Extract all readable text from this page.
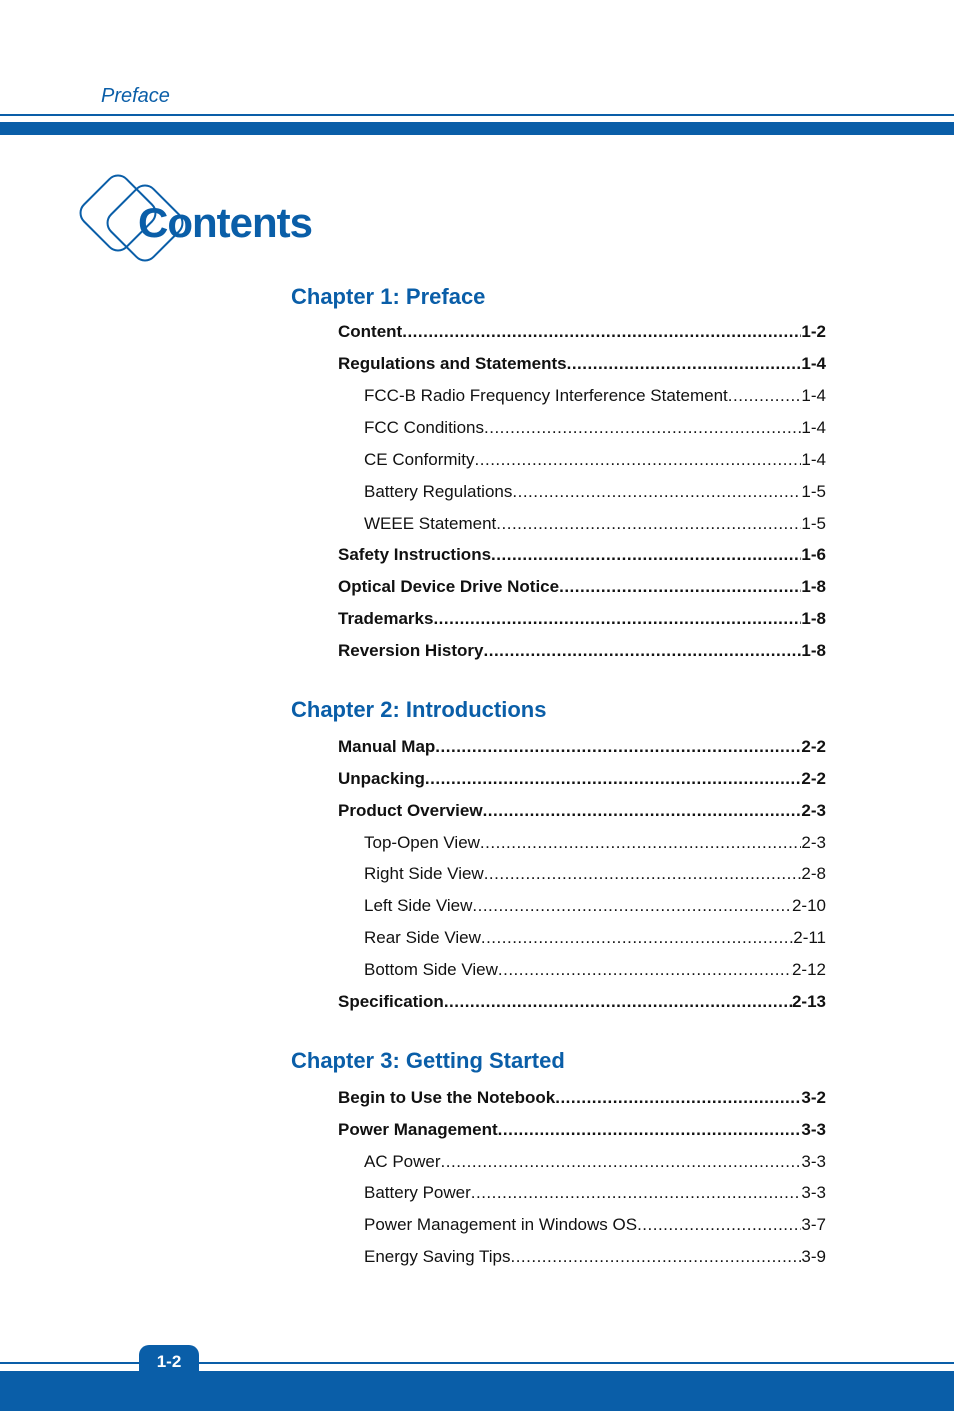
Preface
Contents
Chapter 1: Preface
Content .....	1-2
Regulations and Statements .....	1-4
FCC-B Radio Frequency Interference Statement .....	1-4
FCC Conditions .....	1-4
CE Conformity .....	1-4
Battery Regulations .....	1-5
WEEE Statement .....	1-5
Safety Instructions .....	1-6
Optical Device Drive Notice .....	1-8
Trademarks .....	1-8
Reversion History .....	1-8
Chapter 2: Introductions
Manual Map .....	2-2
Unpacking .....	2-2
Product Overview .....	2-3
Top-Open View .....	2-3
Right Side View .....	2-8
Left Side View .....	2-10
Rear Side View .....	2-11
Bottom Side View .....	2-12
Specification .....	2-13
Chapter 3: Getting Started
Begin to Use the Notebook .....	3-2
Power Management .....	3-3
AC Power .....	3-3
Battery Power .....	3-3
Power Management in Windows OS .....	3-7
Energy Saving Tips .....	3-9
1-2
